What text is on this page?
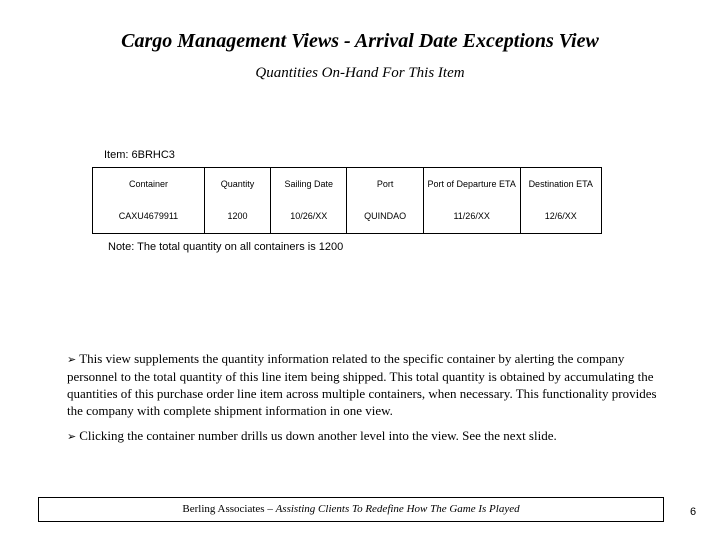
Cargo Management Views - Arrival Date Exceptions View
Quantities On-Hand For This Item
Item: 6BRHC3
Container	Quantity	Sailing Date	Port	Port of Departure ETA	Destination ETA
CAXU4679911	1200	10/26/XX	QUINDAO	11/26/XX	12/6/XX
Note: The total quantity on all containers is 1200
➢ This view supplements the quantity information related to the specific container by alerting the company personnel to the total quantity of this line item being shipped. This total quantity is obtained by accumulating the quantities of this purchase order line item across multiple containers, when necessary. This functionality provides the company with complete shipment information in one view.
➢ Clicking the container number drills us down another level into the view. See the next slide.
Berling Associates – Assisting Clients To Redefine How The Game Is Played	6
